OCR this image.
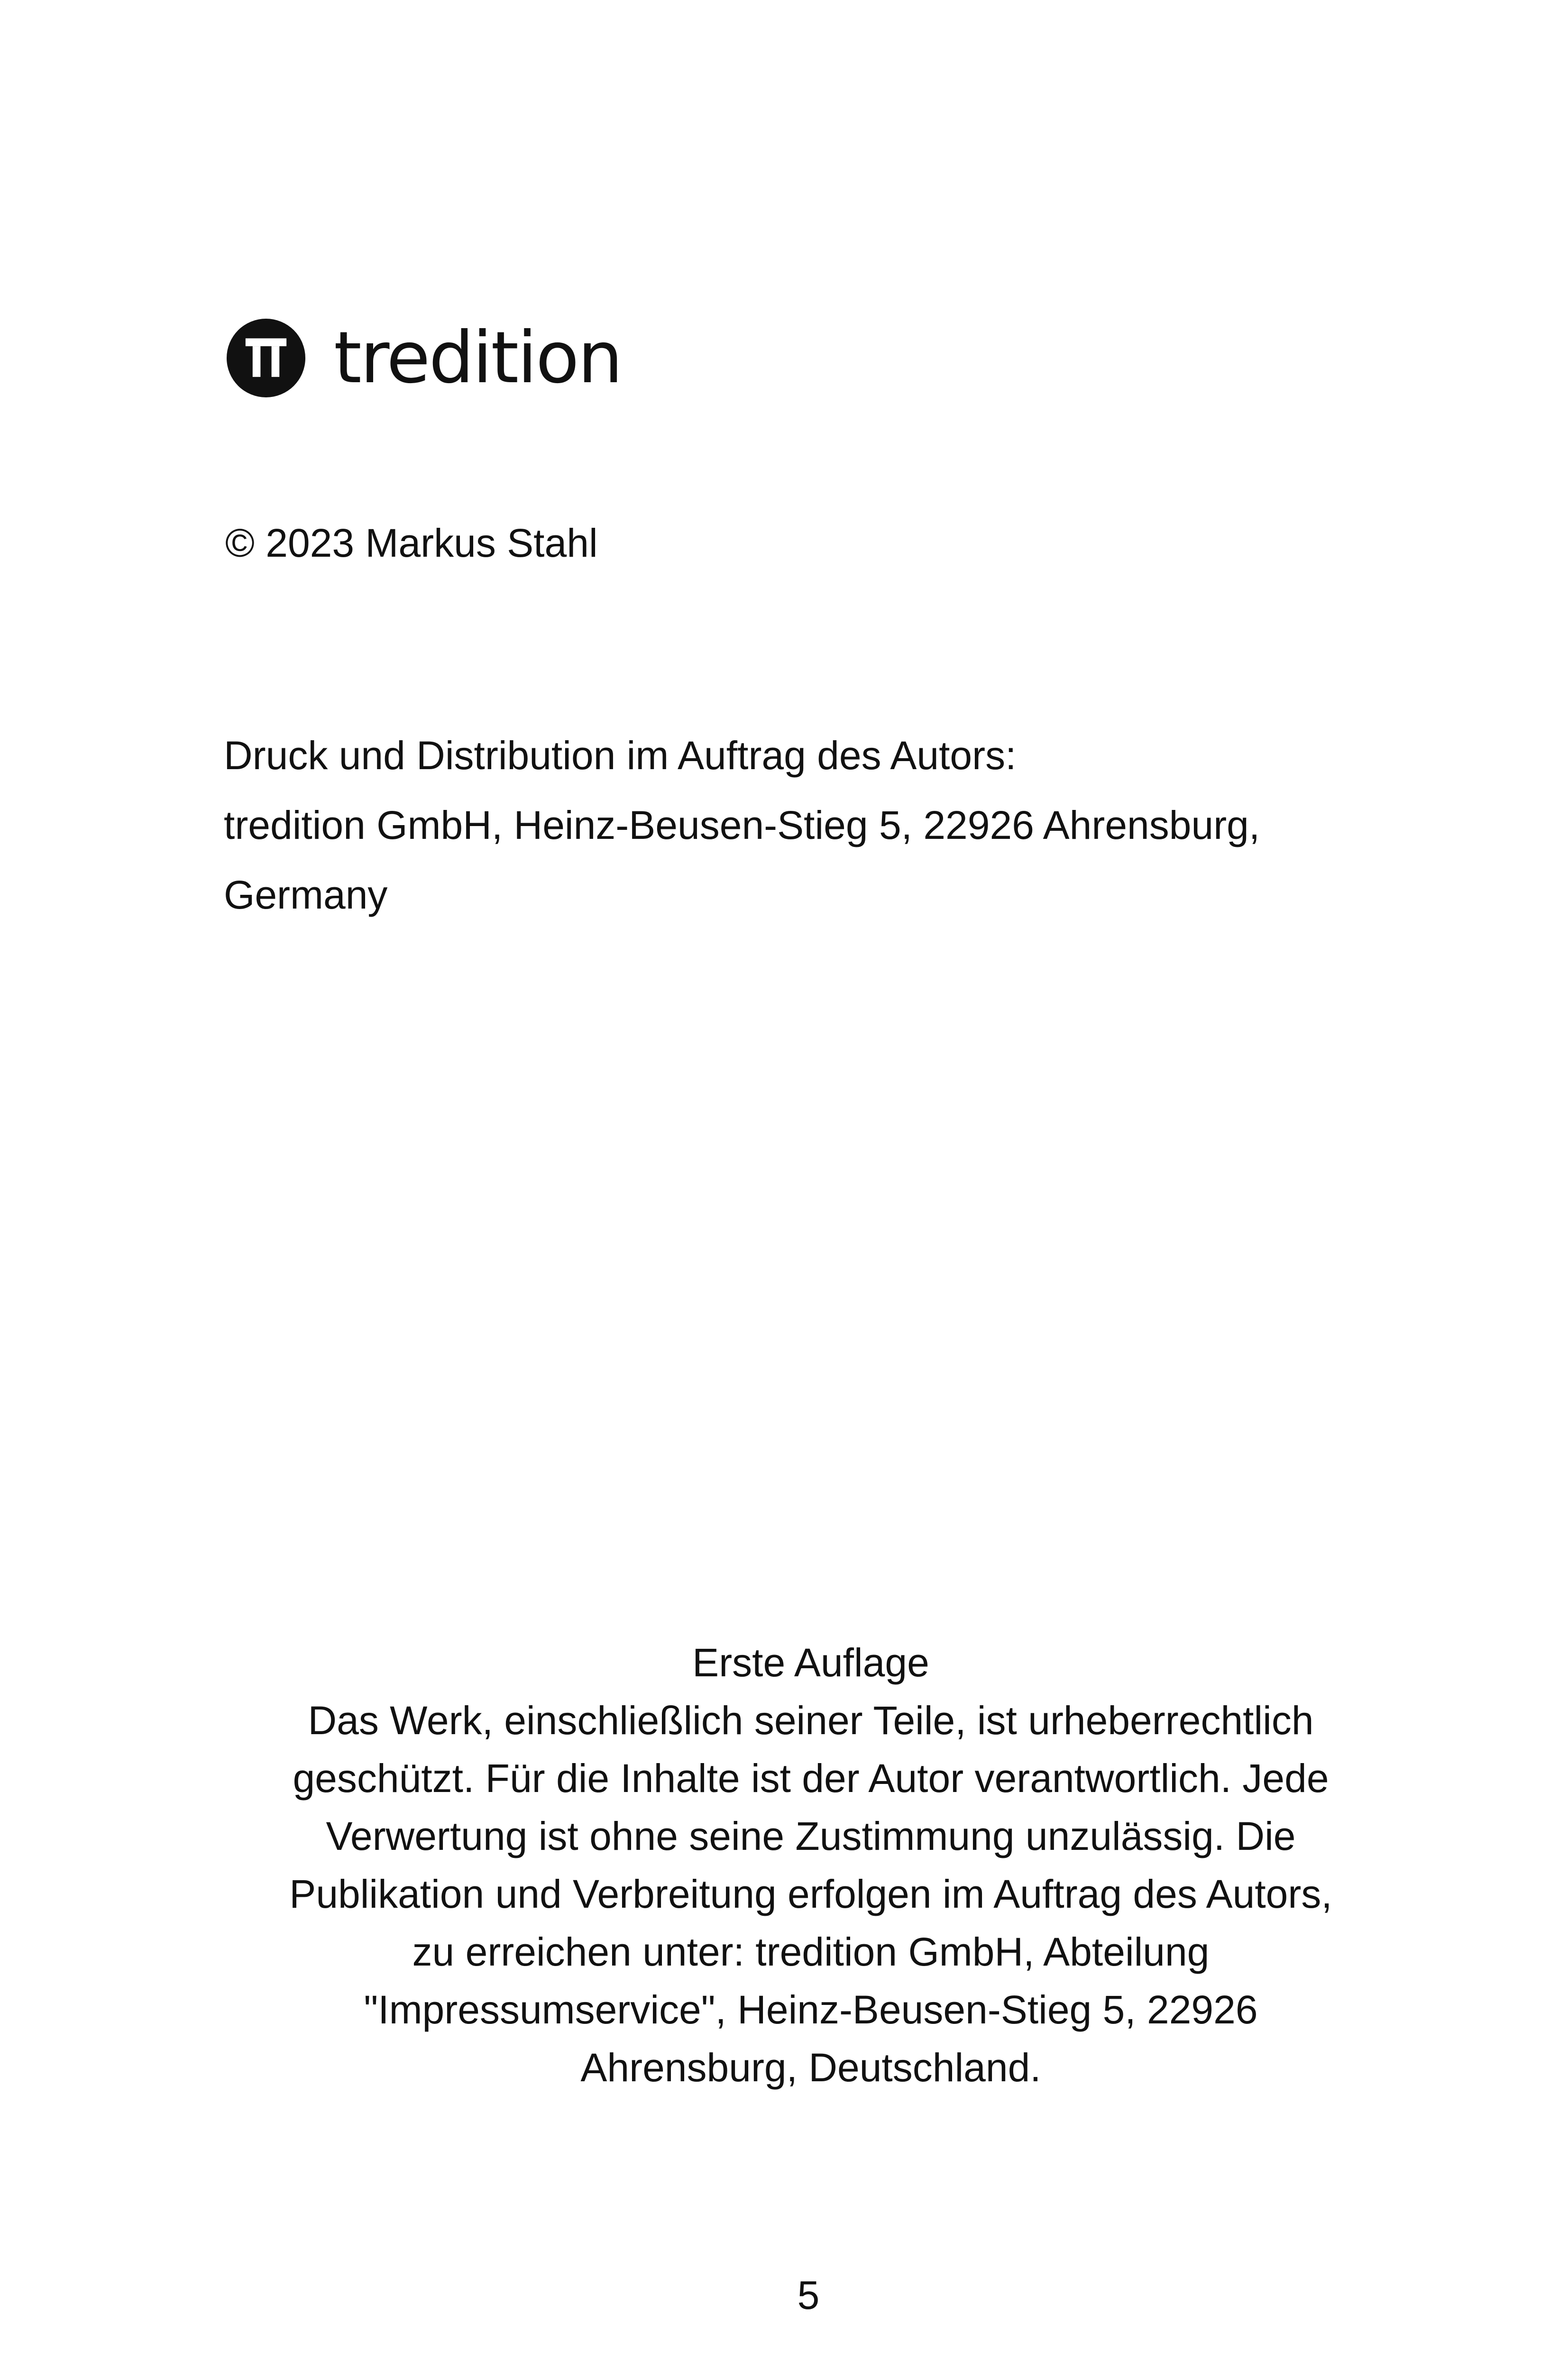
tredition
© 2023 Markus Stahl
Druck und Distribution im Auftrag des Autors:
tredition GmbH, Heinz-Beusen-Stieg 5, 22926 Ahrensburg,
Germany
Erste Auflage
Das Werk, einschließlich seiner Teile, ist urheberrechtlich
geschützt. Für die Inhalte ist der Autor verantwortlich. Jede
Verwertung ist ohne seine Zustimmung unzulässig. Die
Publikation und Verbreitung erfolgen im Auftrag des Autors,
zu erreichen unter: tredition GmbH, Abteilung
"Impressumservice", Heinz-Beusen-Stieg 5, 22926
Ahrensburg, Deutschland.
5
